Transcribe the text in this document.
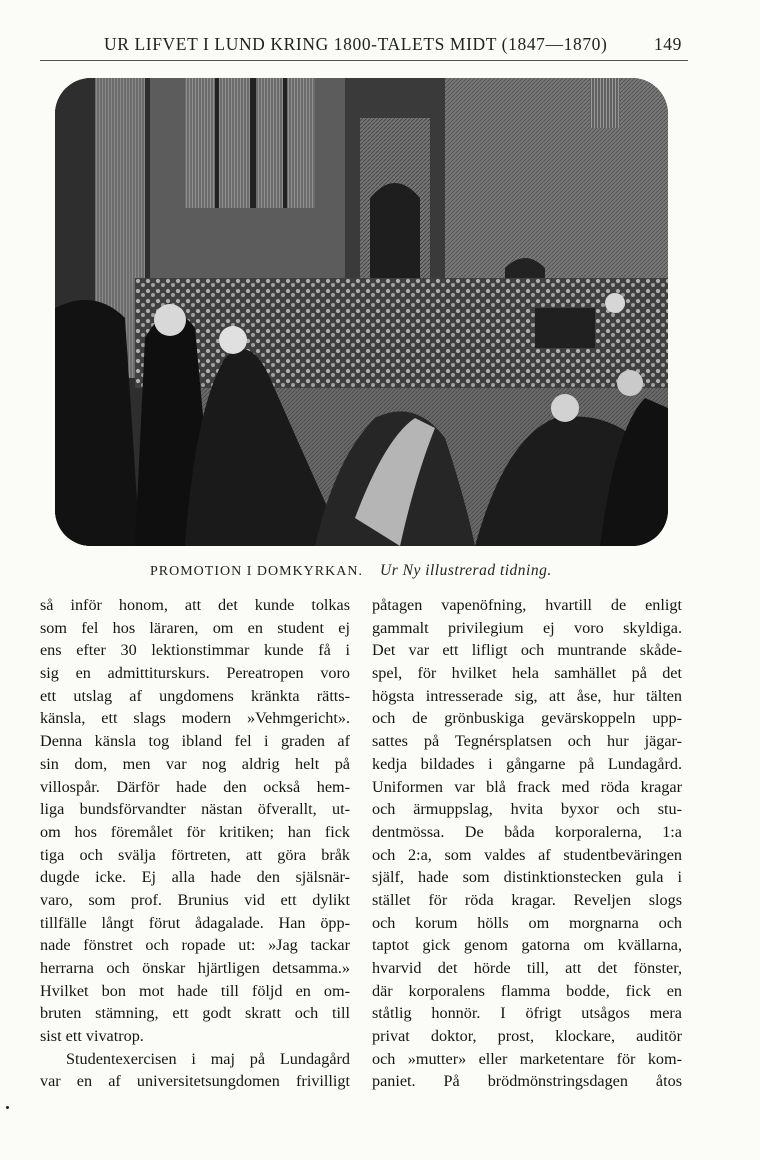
UR LIFVET I LUND KRING 1800-TALETS MIDT (1847—1870)	149
PROMOTION I DOMKYRKAN. Ur Ny illustrerad tidning.
så inför honom, att det kunde tolkas
som fel hos läraren, om en student ej
ens efter 30 lektionstimmar kunde få i
sig en admittiturskurs. Pereatropen voro
ett utslag af ungdomens kränkta rätts-
känsla, ett slags modern »Vehmgericht».
Denna känsla tog ibland fel i graden af
sin dom, men var nog aldrig helt på
villospår. Därför hade den också hem-
liga bundsförvandter nästan öfverallt, ut-
om hos föremålet för kritiken; han fick
tiga och svälja förtreten, att göra bråk
dugde icke. Ej alla hade den själsnär-
varo, som prof. Brunius vid ett dylikt
tillfälle långt förut ådagalade. Han öpp-
nade fönstret och ropade ut: »Jag tackar
herrarna och önskar hjärtligen detsamma.»
Hvilket bon mot hade till följd en om-
bruten stämning, ett godt skratt och till
sist ett vivatrop.
Studentexercisen i maj på Lundagård
var en af universitetsungdomen frivilligt
påtagen vapenöfning, hvartill de enligt
gammalt privilegium ej voro skyldiga.
Det var ett lifligt och muntrande skåde-
spel, för hvilket hela samhället på det
högsta intresserade sig, att åse, hur tälten
och de grönbuskiga gevärskoppeln upp-
sattes på Tegnérsplatsen och hur jägar-
kedja bildades i gångarne på Lundagård.
Uniformen var blå frack med röda kragar
och ärmuppslag, hvita byxor och stu-
dentmössa. De båda korporalerna, 1:a
och 2:a, som valdes af studentbeväringen
själf, hade som distinktionstecken gula i
stället för röda kragar. Reveljen slogs
och korum hölls om morgnarna och
taptot gick genom gatorna om kvällarna,
hvarvid det hörde till, att det fönster,
där korporalens flamma bodde, fick en
ståtlig honnör. I öfrigt utsågos mera
privat doktor, prost, klockare, auditör
och »mutter» eller marketentare för kom-
paniet. På brödmönstringsdagen åtos
